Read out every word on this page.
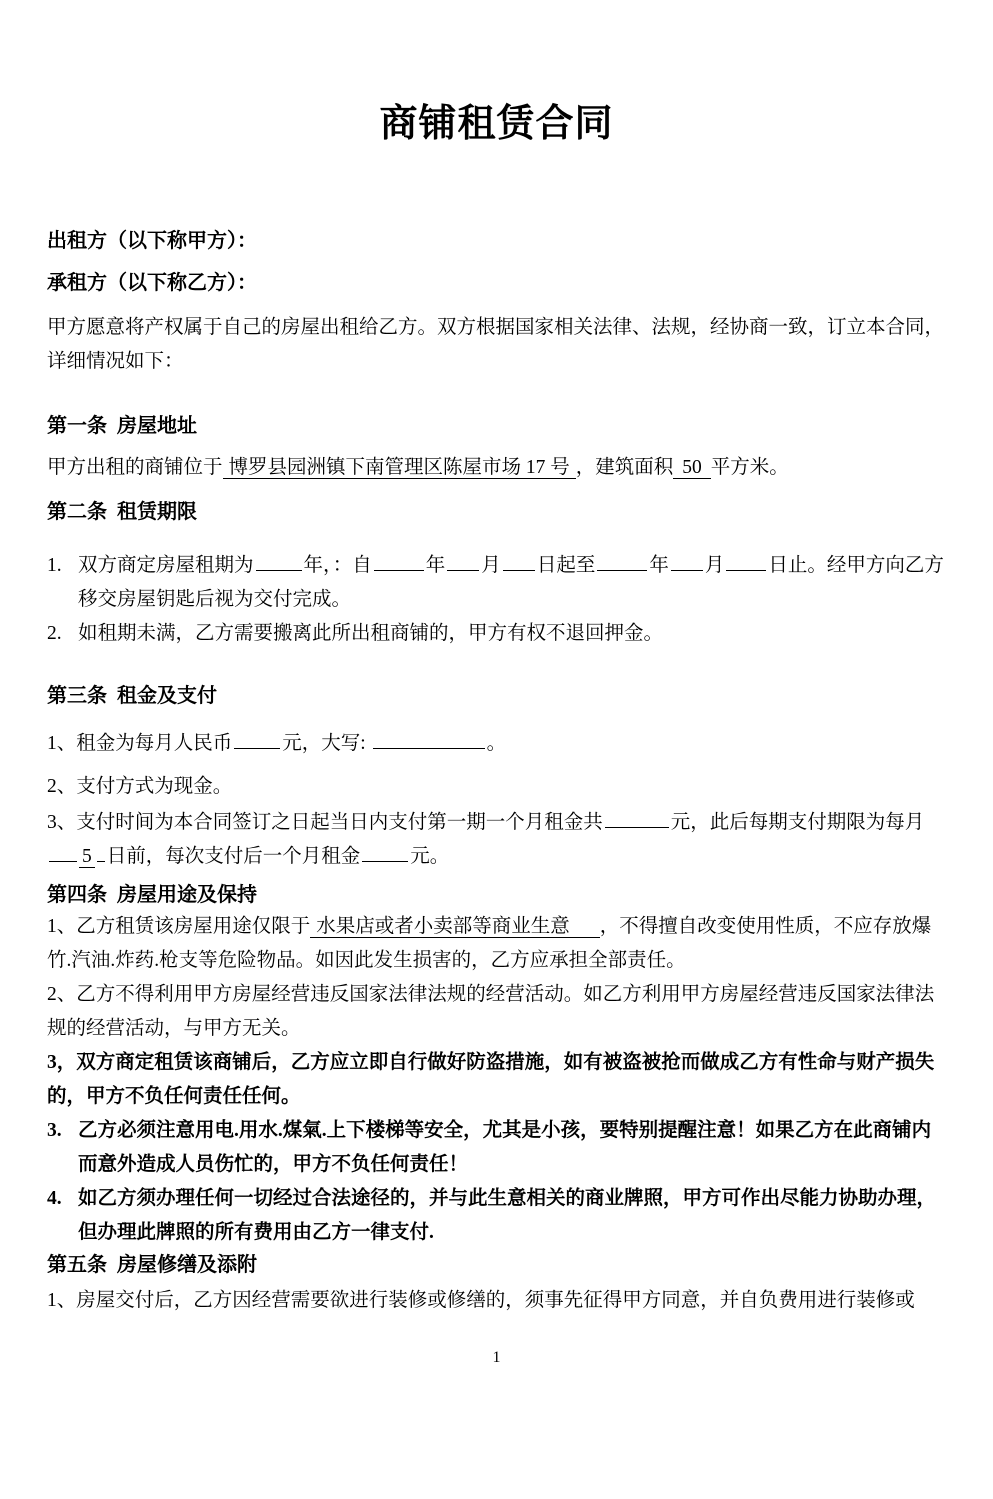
商铺租赁合同

出租方（以下称甲方）：

承租方（以下称乙方）：

甲方愿意将产权属于自己的房屋出租给乙方。双方根据国家相关法律、法规，经协商一致，订立本合同，详细情况如下：

第一条  房屋地址

甲方出租的商铺位于 博罗县园洲镇下南管理区陈屋市场 17 号 ，建筑面积 50 平方米。

第二条  租赁期限

1. 双方商定房屋租期为	年，：自	年 月 日起至	年 月 日止。经甲方向乙方移交房屋钥匙后视为交付完成。

2. 如租期未满，乙方需要搬离此所出租商铺的，甲方有权不退回押金。

第三条  租金及支付

1、租金为每月人民币	元，大写:	。

2、支付方式为现金。

3、支付时间为本合同签订之日起当日内支付第一期一个月租金共	元，此后每期支付期限为每月5 日前，每次支付后一个月租金	元。

第四条  房屋用途及保持

1、乙方租赁该房屋用途仅限于 水果店或者小卖部等商业生意 ，不得擅自改变使用性质，不应存放爆竹.汽油.炸药.枪支等危险物品。如因此发生损害的，乙方应承担全部责任。

2、乙方不得利用甲方房屋经营违反国家法律法规的经营活动。如乙方利用甲方房屋经营违反国家法律法规的经营活动，与甲方无关。

3，双方商定租赁该商铺后，乙方应立即自行做好防盗措施，如有被盗被抢而做成乙方有性命与财产损失的，甲方不负任何责任任何。

3. 乙方必须注意用电.用水.煤氣.上下楼梯等安全，尤其是小孩，要特别提醒注意！如果乙方在此商铺内而意外造成人员伤忙的，甲方不负任何责任！

4. 如乙方须办理任何一切经过合法途径的，并与此生意相关的商业牌照，甲方可作出尽能力协助办理，但办理此牌照的所有费用由乙方一律支付.

第五条  房屋修缮及添附

1、房屋交付后，乙方因经营需要欲进行装修或修缮的，须事先征得甲方同意，并自负费用进行装修或

1
